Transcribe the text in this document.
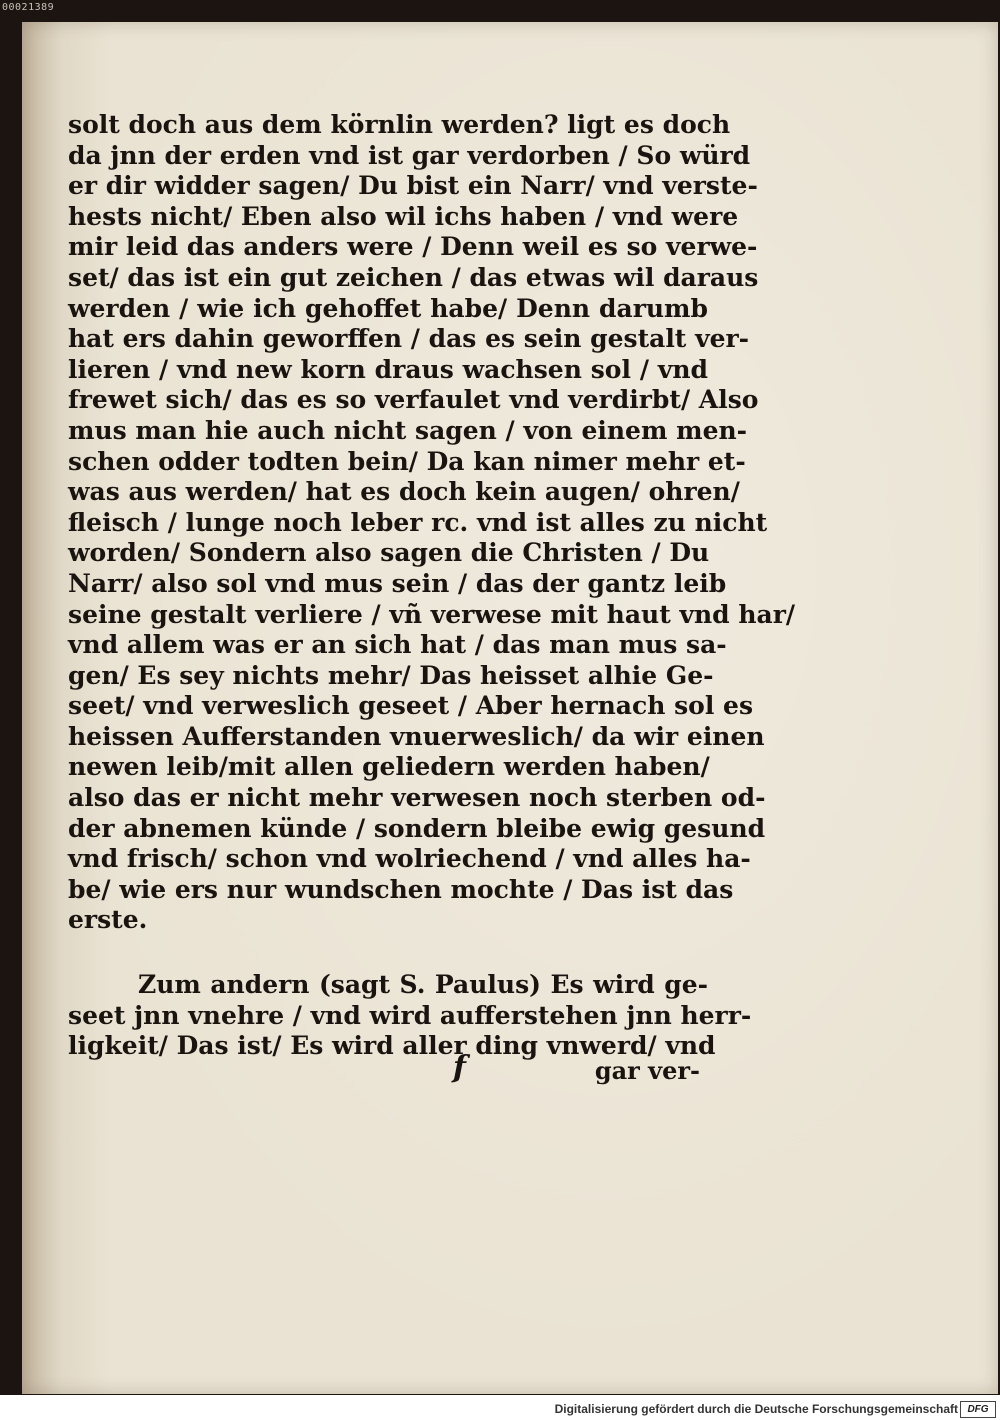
00021389
solt doch aus dem körnlin werden? ligt es doch
da jnn der erden vnd ist gar verdorben / So würd
er dir widder sagen/ Du bist ein Narr/ vnd verste-
hests nicht/ Eben also wil ichs haben / vnd were
mir leid das anders were / Denn weil es so verwe-
set/ das ist ein gut zeichen / das etwas wil daraus
werden / wie ich gehoffet habe/ Denn darumb
hat ers dahin geworffen / das es sein gestalt ver-
lieren / vnd new korn draus wachsen sol / vnd
frewet sich/ das es so verfaulet vnd verdirbt/ Also
mus man hie auch nicht sagen / von einem men-
schen odder todten bein/ Da kan nimer mehr et-
was aus werden/ hat es doch kein augen/ ohren/
fleisch / lunge noch leber rc. vnd ist alles zu nicht
worden/ Sondern also sagen die Christen / Du
Narr/ also sol vnd mus sein / das der gantz leib
seine gestalt verliere / vñ verwese mit haut vnd har/
vnd allem was er an sich hat / das man mus sa-
gen/ Es sey nichts mehr/ Das heisset alhie Ge-
seet/ vnd verweslich geseet / Aber hernach sol es
heissen Aufferstanden vnuerweslich/ da wir einen
newen leib/mit allen geliedern werden haben/
also das er nicht mehr verwesen noch sterben od-
der abnemen künde / sondern bleibe ewig gesund
vnd frisch/ schon vnd wolriechend / vnd alles ha-
be/ wie ers nur wundschen mochte / Das ist das
erste.
Zum andern (sagt S. Paulus) Es wird ge-
seet jnn vnehre / vnd wird aufferstehen jnn herr-
ligkeit/ Das ist/ Es wird aller ding vnwerd/ vnd
f	gar ver-
Digitalisierung gefördert durch die Deutsche Forschungsgemeinschaft DFG
